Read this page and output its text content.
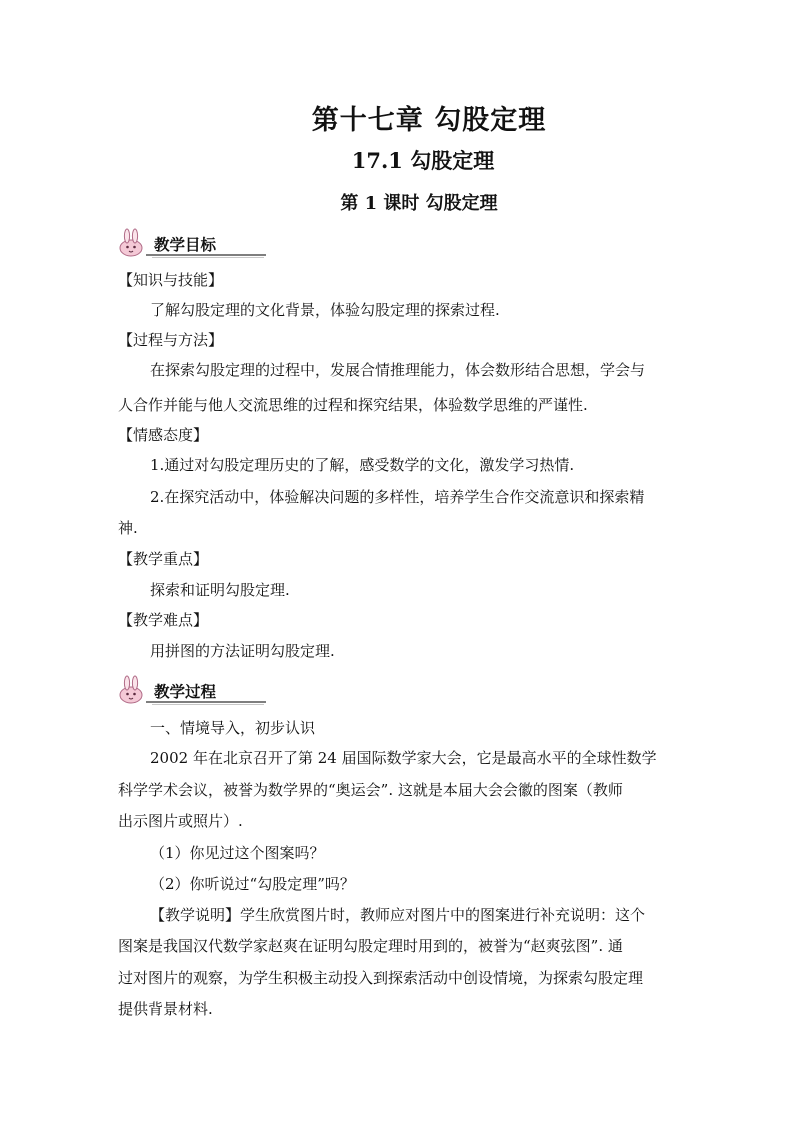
第十七章 勾股定理
17.1 勾股定理
第 1 课时 勾股定理
教学目标
【知识与技能】
了解勾股定理的文化背景，体验勾股定理的探索过程.
【过程与方法】
在探索勾股定理的过程中，发展合情推理能力，体会数形结合思想，学会与
人合作并能与他人交流思维的过程和探究结果，体验数学思维的严谨性.
【情感态度】
1.通过对勾股定理历史的了解，感受数学的文化，激发学习热情.
2.在探究活动中，体验解决问题的多样性，培养学生合作交流意识和探索精
神.
【教学重点】
探索和证明勾股定理.
【教学难点】
用拼图的方法证明勾股定理.
教学过程
一、情境导入，初步认识
2002 年在北京召开了第 24 届国际数学家大会，它是最高水平的全球性数学
科学学术会议，被誉为数学界的“奥运会”. 这就是本届大会会徽的图案（教师
出示图片或照片）.
（1）你见过这个图案吗？
（2）你听说过“勾股定理”吗？
【教学说明】学生欣赏图片时，教师应对图片中的图案进行补充说明：这个
图案是我国汉代数学家赵爽在证明勾股定理时用到的，被誉为“赵爽弦图”. 通
过对图片的观察，为学生积极主动投入到探索活动中创设情境，为探索勾股定理
提供背景材料.
